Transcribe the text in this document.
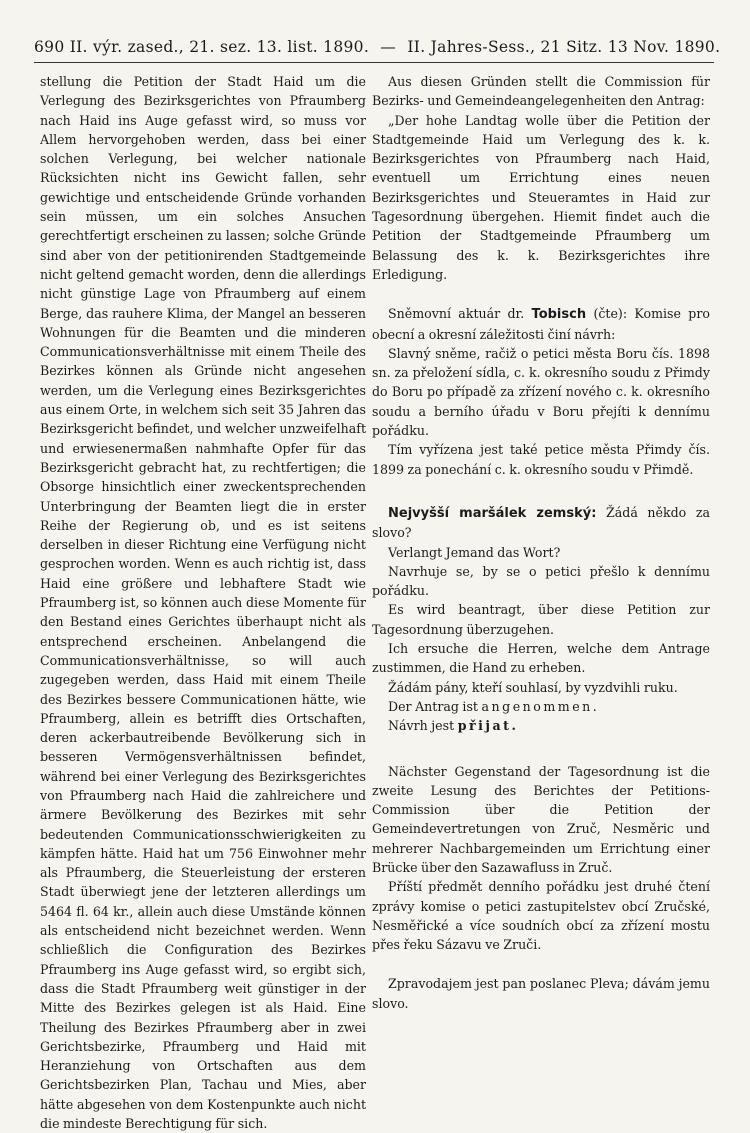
690 II. výr. zased., 21. sez. 13. list. 1890. — II. Jahres-Sess., 21 Sitz. 13 Nov. 1890.

stellung die Petition der Stadt Haid um die Verlegung des Bezirksgerichtes von Pfraumberg nach Haid ins Auge gefasst wird, so muss vor Allem hervorgehoben werden, dass bei einer solchen Verlegung, bei welcher nationale Rücksichten nicht ins Gewicht fallen, sehr gewichtige und entscheidende Gründe vorhanden sein müssen, um ein solches Ansuchen gerechtfertigt erscheinen zu lassen; solche Gründe sind aber von der petitionirenden Stadtgemeinde nicht geltend gemacht worden, denn die allerdings nicht günstige Lage von Pfraumberg auf einem Berge, das rauhere Klima, der Mangel an besseren Wohnungen für die Beamten und die minderen Communicationsverhältnisse mit einem Theile des Bezirkes können als Gründe nicht angesehen werden, um die Verlegung eines Bezirksgerichtes aus einem Orte, in welchem sich seit 35 Jahren das Bezirksgericht befindet, und welcher unzweifelhaft und erwiesenermaßen nahmhafte Opfer für das Bezirksgericht gebracht hat, zu rechtfertigen; die Obsorge hinsichtlich einer zweckentsprechenden Unterbringung der Beamten liegt die in erster Reihe der Regierung ob, und es ist seitens derselben in dieser Richtung eine Verfügung nicht gesprochen worden. Wenn es auch richtig ist, dass Haid eine größere und lebhaftere Stadt wie Pfraumberg ist, so können auch diese Momente für den Bestand eines Gerichtes überhaupt nicht als entsprechend erscheinen. Anbelangend die Communicationsverhältnisse, so will auch zugegeben werden, dass Haid mit einem Theile des Bezirkes bessere Communicationen hätte, wie Pfraumberg, allein es betrifft dies Ortschaften, deren ackerbautreibende Bevölkerung sich in besseren Vermögensverhältnissen befindet, während bei einer Verlegung des Bezirksgerichtes von Pfraumberg nach Haid die zahlreichere und ärmere Bevölkerung des Bezirkes mit sehr bedeutenden Communicationsschwierigkeiten zu kämpfen hätte. Haid hat um 756 Einwohner mehr als Pfraumberg, die Steuerleistung der ersteren Stadt überwiegt jene der letzteren allerdings um 5464 fl. 64 kr., allein auch diese Umstände können als entscheidend nicht bezeichnet werden. Wenn schließlich die Configuration des Bezirkes Pfraumberg ins Auge gefasst wird, so ergibt sich, dass die Stadt Pfraumberg weit günstiger in der Mitte des Bezirkes gelegen ist als Haid. Eine Theilung des Bezirkes Pfraumberg aber in zwei Gerichtsbezirke, Pfraumberg und Haid mit Heranziehung von Ortschaften aus dem Gerichtsbezirken Plan, Tachau und Mies, aber hätte abgesehen von dem Kostenpunkte auch nicht die mindeste Berechtigung für sich.

Aus diesen Gründen stellt die Commission für Bezirks- und Gemeindeangelegenheiten den Antrag:

„Der hohe Landtag wolle über die Petition der Stadtgemeinde Haid um Verlegung des k. k. Bezirksgerichtes von Pfraumberg nach Haid, eventuell um Errichtung eines neuen Bezirksgerichtes und Steueramtes in Haid zur Tagesordnung übergehen. Hiemit findet auch die Petition der Stadtgemeinde Pfraumberg um Belassung des k. k. Bezirksgerichtes ihre Erledigung.

Sněmovní aktuár dr. Tobisch (čte): Komise pro obecní a okresní záležitosti činí návrh:

Slavný sněme, račiž o petici města Boru čís. 1898 sn. za přeložení sídla, c. k. okresního soudu z Přimdy do Boru po případě za zřízení nového c. k. okresního soudu a berního úřadu v Boru přejíti k dennímu pořádku.

Tím vyřízena jest také petice města Přimdy čís. 1899 za ponechání c. k. okresního soudu v Přimdě.

Nejvyšší maršálek zemský: Žádá někdo za slovo?

Verlangt Jemand das Wort?

Navrhuje se, by se o petici přešlo k dennímu pořádku.

Es wird beantragt, über diese Petition zur Tagesordnung überzugehen.

Ich ersuche die Herren, welche dem Antrage zustimmen, die Hand zu erheben.

Žádám pány, kteří souhlasí, by vyzdvihli ruku.

Der Antrag ist angenommen.

Návrh jest přijat.

Nächster Gegenstand der Tagesordnung ist die zweite Lesung des Berichtes der Petitions-Commission über die Petition der Gemeindevertretungen von Zruč, Nesměric und mehrerer Nachbargemeinden um Errichtung einer Brücke über den Sazawafluss in Zruč.

Příští předmět denního pořádku jest druhé čtení zprávy komise o petici zastupitelstev obcí Zručské, Nesměřické a více soudních obcí za zřízení mostu přes řeku Sázavu ve Zruči.

Zpravodajem jest pan poslanec Pleva; dávám jemu slovo.
